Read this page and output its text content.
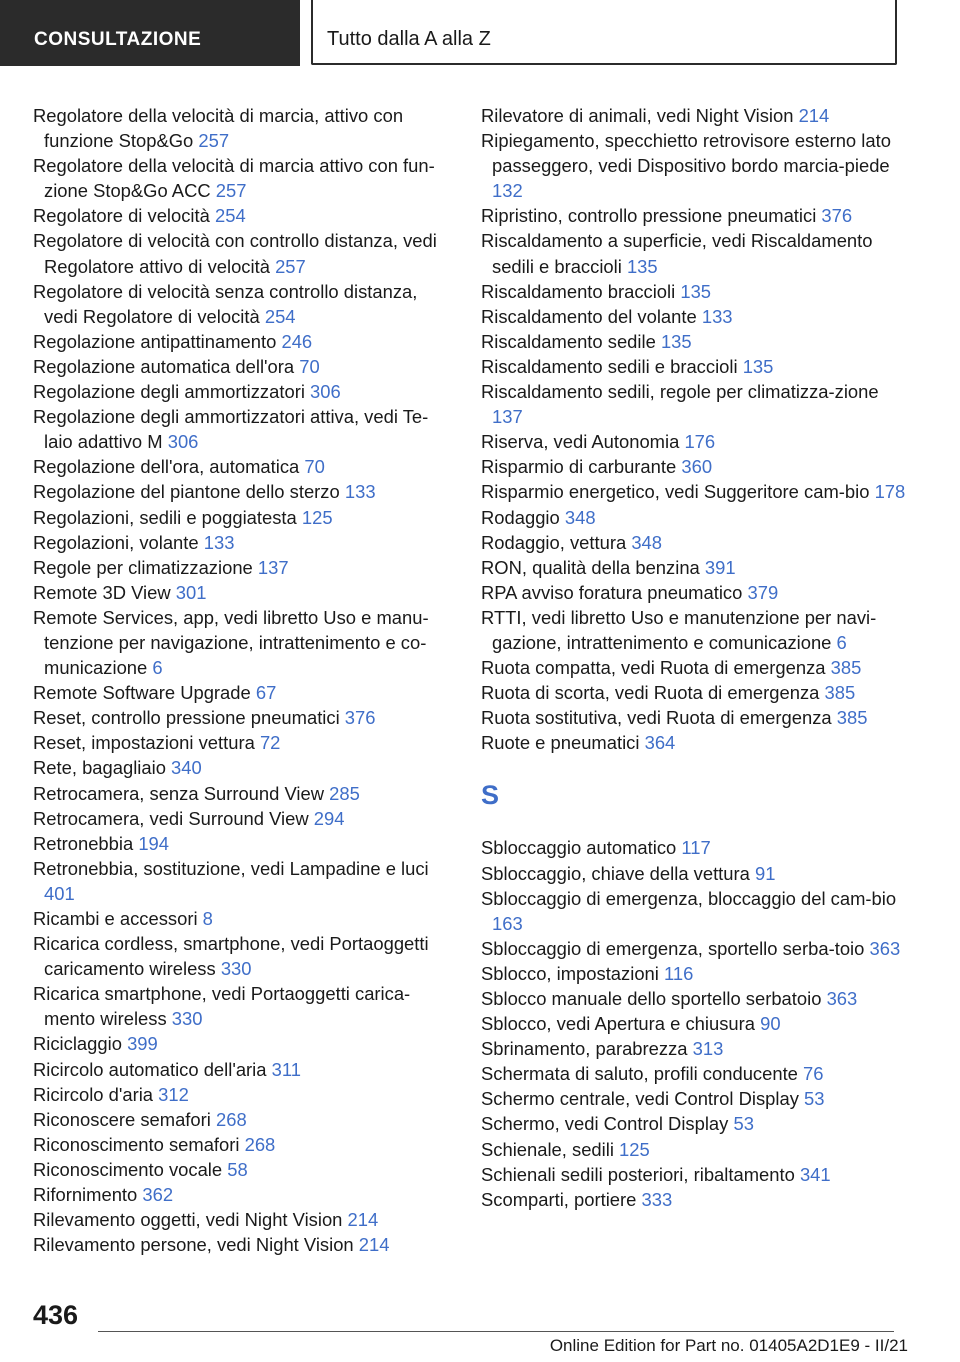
CONSULTAZIONE	Tutto dalla A alla Z
Regolatore della velocità di marcia, attivo con funzione Stop&Go 257
Regolatore della velocità di marcia attivo con fun-zione Stop&Go ACC 257
Regolatore di velocità 254
Regolatore di velocità con controllo distanza, vedi Regolatore attivo di velocità 257
Regolatore di velocità senza controllo distanza, vedi Regolatore di velocità 254
Regolazione antipattinamento 246
Regolazione automatica dell'ora 70
Regolazione degli ammortizzatori 306
Regolazione degli ammortizzatori attiva, vedi Te-laio adattivo M 306
Regolazione dell'ora, automatica 70
Regolazione del piantone dello sterzo 133
Regolazioni, sedili e poggiatesta 125
Regolazioni, volante 133
Regole per climatizzazione 137
Remote 3D View 301
Remote Services, app, vedi libretto Uso e manu-tenzione per navigazione, intrattenimento e co-municazione 6
Remote Software Upgrade 67
Reset, controllo pressione pneumatici 376
Reset, impostazioni vettura 72
Rete, bagagliaio 340
Retrocamera, senza Surround View 285
Retrocamera, vedi Surround View 294
Retronebbia 194
Retronebbia, sostituzione, vedi Lampadine e luci 401
Ricambi e accessori 8
Ricarica cordless, smartphone, vedi Portaoggetti caricamento wireless 330
Ricarica smartphone, vedi Portaoggetti carica-mento wireless 330
Riciclaggio 399
Ricircolo automatico dell'aria 311
Ricircolo d'aria 312
Riconoscere semafori 268
Riconoscimento semafori 268
Riconoscimento vocale 58
Rifornimento 362
Rilevamento oggetti, vedi Night Vision 214
Rilevamento persone, vedi Night Vision 214
Rilevatore di animali, vedi Night Vision 214
Ripiegamento, specchietto retrovisore esterno lato passeggero, vedi Dispositivo bordo marcia-piede 132
Ripristino, controllo pressione pneumatici 376
Riscaldamento a superficie, vedi Riscaldamento sedili e braccioli 135
Riscaldamento braccioli 135
Riscaldamento del volante 133
Riscaldamento sedile 135
Riscaldamento sedili e braccioli 135
Riscaldamento sedili, regole per climatizza-zione 137
Riserva, vedi Autonomia 176
Risparmio di carburante 360
Risparmio energetico, vedi Suggeritore cam-bio 178
Rodaggio 348
Rodaggio, vettura 348
RON, qualità della benzina 391
RPA avviso foratura pneumatico 379
RTTI, vedi libretto Uso e manutenzione per navi-gazione, intrattenimento e comunicazione 6
Ruota compatta, vedi Ruota di emergenza 385
Ruota di scorta, vedi Ruota di emergenza 385
Ruota sostitutiva, vedi Ruota di emergenza 385
Ruote e pneumatici 364
S
Sbloccaggio automatico 117
Sbloccaggio, chiave della vettura 91
Sbloccaggio di emergenza, bloccaggio del cam-bio 163
Sbloccaggio di emergenza, sportello serba-toio 363
Sblocco, impostazioni 116
Sblocco manuale dello sportello serbatoio 363
Sblocco, vedi Apertura e chiusura 90
Sbrinamento, parabrezza 313
Schermata di saluto, profili conducente 76
Schermo centrale, vedi Control Display 53
Schermo, vedi Control Display 53
Schienale, sedili 125
Schienali sedili posteriori, ribaltamento 341
Scomparti, portiere 333
436
Online Edition for Part no. 01405A2D1E9 - II/21
